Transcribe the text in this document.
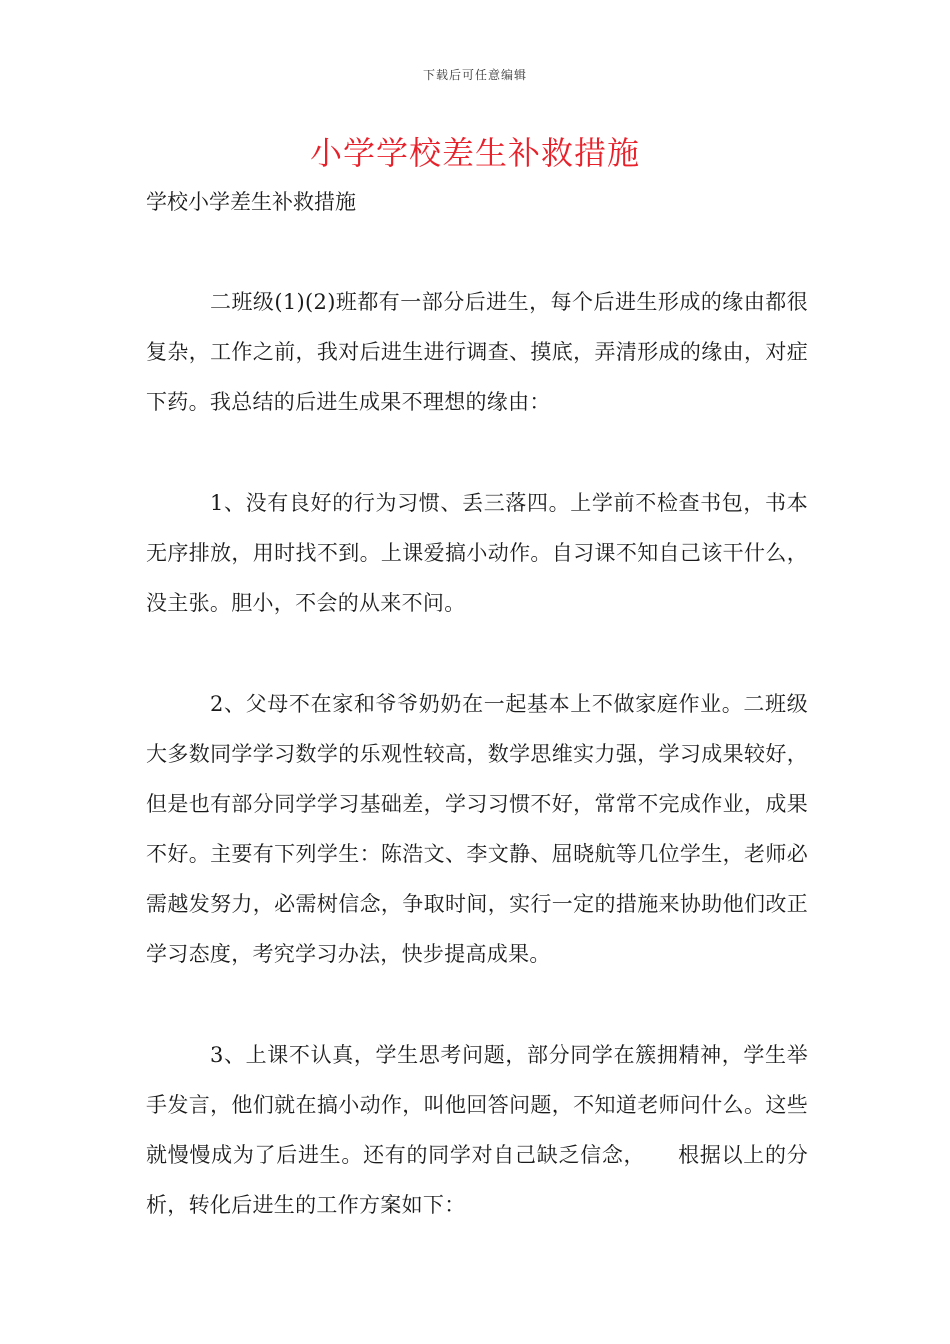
下载后可任意编辑
小学学校差生补救措施
学校小学差生补救措施

二班级(1)(2)班都有一部分后进生，每个后进生形成的缘由都很复杂，工作之前，我对后进生进行调查、摸底，弄清形成的缘由，对症下药。我总结的后进生成果不理想的缘由：

1、没有良好的行为习惯、丢三落四。上学前不检查书包，书本无序排放，用时找不到。上课爱搞小动作。自习课不知自己该干什么，没主张。胆小，不会的从来不问。

2、父母不在家和爷爷奶奶在一起基本上不做家庭作业。二班级大多数同学学习数学的乐观性较高，数学思维实力强，学习成果较好，但是也有部分同学学习基础差，学习习惯不好，常常不完成作业，成果不好。主要有下列学生：陈浩文、李文静、屈晓航等几位学生，老师必需越发努力，必需树信念，争取时间，实行一定的措施来协助他们改正学习态度，考究学习办法，快步提高成果。

3、上课不认真，学生思考问题，部分同学在簇拥精神，学生举手发言，他们就在搞小动作，叫他回答问题，不知道老师问什么。这些就慢慢成为了后进生。还有的同学对自己缺乏信念，　　根据以上的分析，转化后进生的工作方案如下：
